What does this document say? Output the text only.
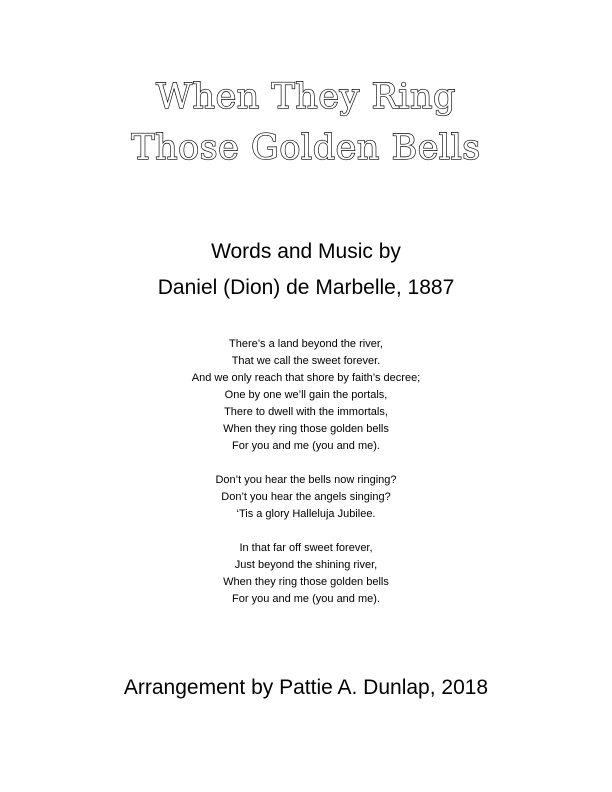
When They Ring
Those Golden Bells
Words and Music by
Daniel (Dion) de Marbelle, 1887
There’s a land beyond the river,
That we call the sweet forever.
And we only reach that shore by faith’s decree;
One by one we’ll gain the portals,
There to dwell with the immortals,
When they ring those golden bells
For you and me (you and me).
Don’t you hear the bells now ringing?
Don’t you hear the angels singing?
‘Tis a glory Halleluja Jubilee.
In that far off sweet forever,
Just beyond the shining river,
When they ring those golden bells
For you and me (you and me).
Arrangement by Pattie A. Dunlap, 2018
